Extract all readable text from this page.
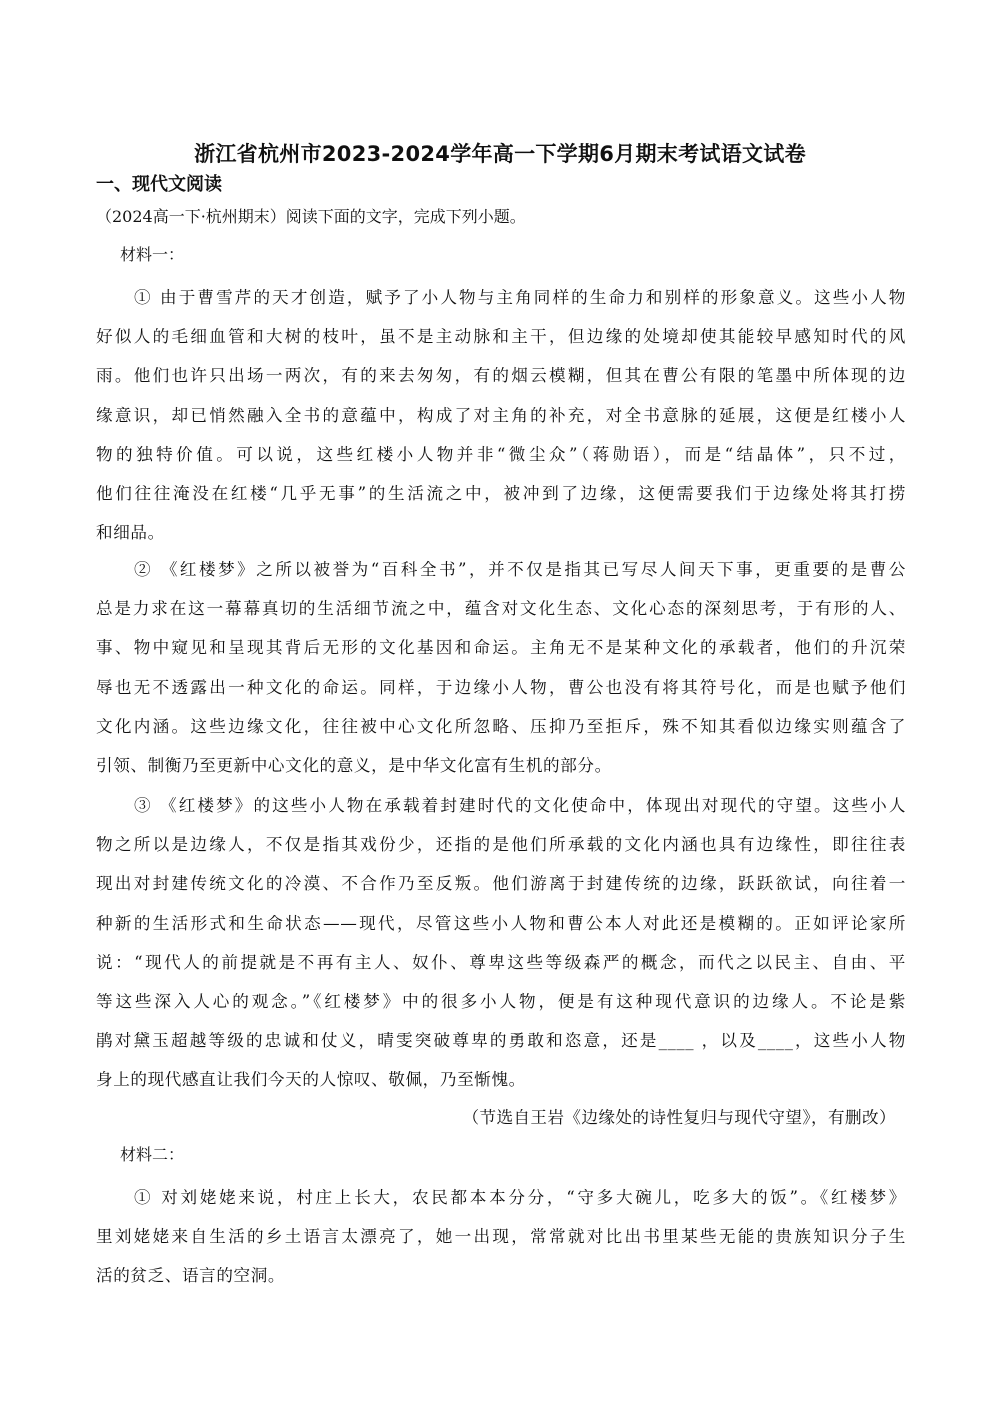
浙江省杭州市2023-2024学年高一下学期6月期末考试语文试卷
一、现代文阅读
（2024高一下·杭州期末）阅读下面的文字，完成下列小题。
材料一：
① 由于曹雪芹的天才创造，赋予了小人物与主角同样的生命力和别样的形象意义。这些小人物
好似人的毛细血管和大树的枝叶，虽不是主动脉和主干，但边缘的处境却使其能较早感知时代的风
雨。他们也许只出场一两次，有的来去匆匆，有的烟云模糊，但其在曹公有限的笔墨中所体现的边
缘意识，却已悄然融入全书的意蕴中，构成了对主角的补充，对全书意脉的延展，这便是红楼小人
物的独特价值。可以说，这些红楼小人物并非“微尘众”（蒋勋语），而是“结晶体”，只不过，
他们往往淹没在红楼“几乎无事”的生活流之中，被冲到了边缘，这便需要我们于边缘处将其打捞
和细品。
② 《红楼梦》之所以被誉为“百科全书”，并不仅是指其已写尽人间天下事，更重要的是曹公
总是力求在这一幕幕真切的生活细节流之中，蕴含对文化生态、文化心态的深刻思考，于有形的人、
事、物中窥见和呈现其背后无形的文化基因和命运。主角无不是某种文化的承载者，他们的升沉荣
辱也无不透露出一种文化的命运。同样，于边缘小人物，曹公也没有将其符号化，而是也赋予他们
文化内涵。这些边缘文化，往往被中心文化所忽略、压抑乃至拒斥，殊不知其看似边缘实则蕴含了
引领、制衡乃至更新中心文化的意义，是中华文化富有生机的部分。
③ 《红楼梦》的这些小人物在承载着封建时代的文化使命中，体现出对现代的守望。这些小人
物之所以是边缘人，不仅是指其戏份少，还指的是他们所承载的文化内涵也具有边缘性，即往往表
现出对封建传统文化的冷漠、不合作乃至反叛。他们游离于封建传统的边缘，跃跃欲试，向往着一
种新的生活形式和生命状态——现代，尽管这些小人物和曹公本人对此还是模糊的。正如评论家所
说：“现代人的前提就是不再有主人、奴仆、尊卑这些等级森严的概念，而代之以民主、自由、平
等这些深入人心的观念。”《红楼梦》中的很多小人物，便是有这种现代意识的边缘人。不论是紫
鹃对黛玉超越等级的忠诚和仗义，晴雯突破尊卑的勇敢和恣意，还是____ ，以及____，这些小人物
身上的现代感直让我们今天的人惊叹、敬佩，乃至惭愧。
（节选自王岩《边缘处的诗性复归与现代守望》，有删改）
材料二：
① 对刘姥姥来说，村庄上长大，农民都本本分分，“守多大碗儿，吃多大的饭”。《红楼梦》
里刘姥姥来自生活的乡土语言太漂亮了，她一出现，常常就对比出书里某些无能的贵族知识分子生
活的贫乏、语言的空洞。
